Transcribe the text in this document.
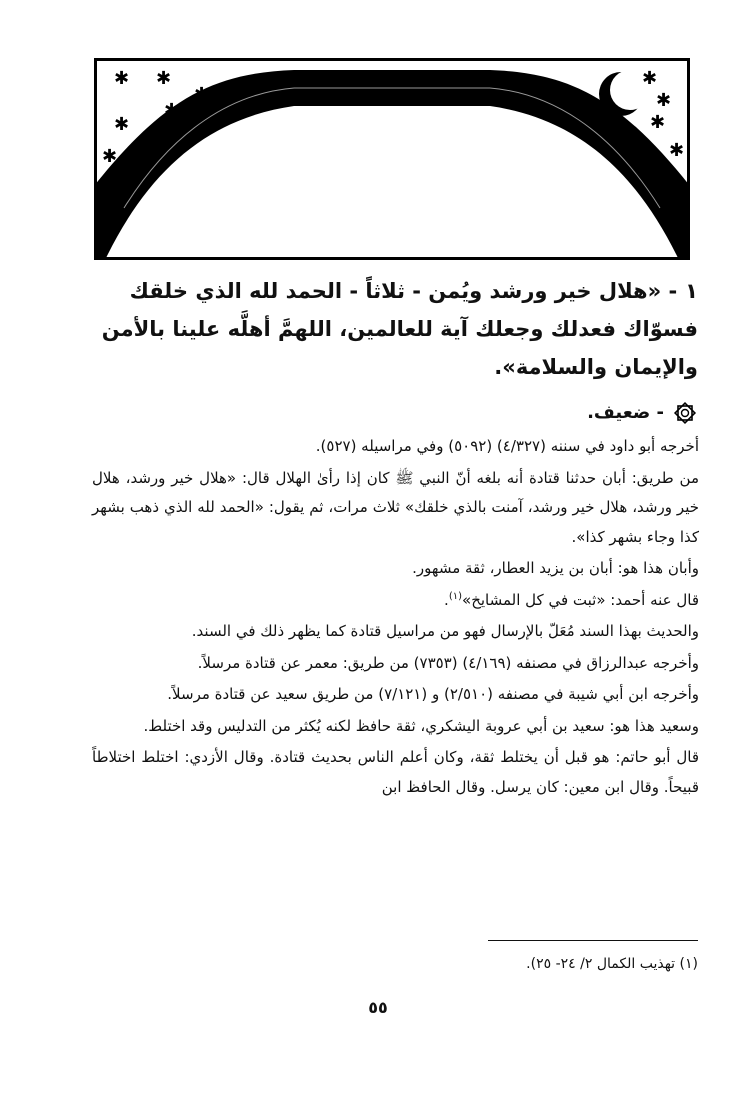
✱ ✱
✱
✱
✱ ✱
✱
✱
✱
✱
✱
١- «هلال خير ورشد ويُمن - ثلاثاً - الحمد لله الذي خلقك فسوّاك فعدلك وجعلك آية للعالمين، اللهمَّ أهلَّه علينا بالأمن والإيمان والسلامة».
- ضعيف.

أخرجه أبو داود في سننه (٤/٣٢٧) (٥٠٩٢) وفي مراسيله (٥٢٧).

من طريق: أبان حدثنا قتادة أنه بلغه أنّ النبي ﷺ كان إذا رأىٰ الهلال قال: «هلال خير ورشد، هلال خير ورشد، هلال خير ورشد، آمنت بالذي خلقك» ثلاث مرات، ثم يقول: «الحمد لله الذي ذهب بشهر كذا وجاء بشهر كذا».

وأبان هذا هو: أبان بن يزيد العطار، ثقة مشهور.

قال عنه أحمد: «ثبت في كل المشايخ»$^{(١)}$.

والحديث بهذا السند مُعَلّ بالإرسال فهو من مراسيل قتادة كما يظهر ذلك في السند.

وأخرجه عبدالرزاق في مصنفه (٤/١٦٩) (٧٣٥٣) من طريق: معمر عن قتادة مرسلاً.

وأخرجه ابن أبي شيبة في مصنفه (٢/٥١٠) و (٧/١٢١) من طريق سعيد عن قتادة مرسلاً.

وسعيد هذا هو: سعيد بن أبي عروبة اليشكري، ثقة حافظ لكنه يُكثر من التدليس وقد اختلط.

قال أبو حاتم: هو قبل أن يختلط ثقة، وكان أعلم الناس بحديث قتادة. وقال الأزدي: اختلط اختلاطاً قبيحاً. وقال ابن معين: كان يرسل. وقال الحافظ ابن

(١) تهذيب الكمال ٢/ ٢٤- ٢٥).
٥٥
